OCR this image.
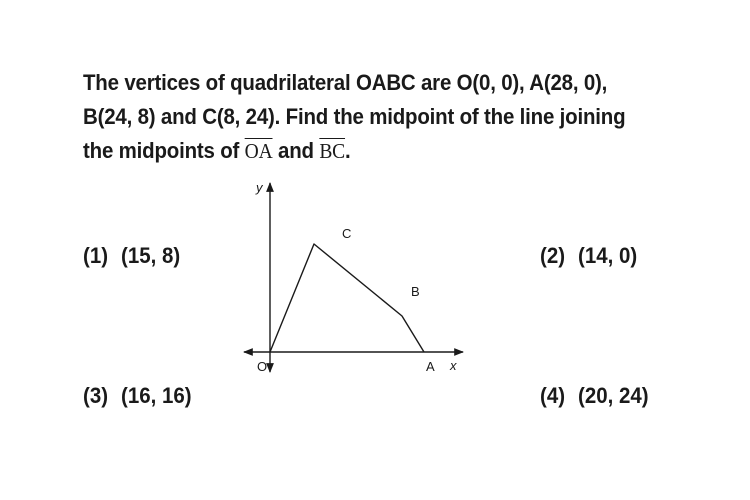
The vertices of quadrilateral OABC are O(0, 0), A(28, 0),
B(24, 8) and C(8, 24). Find the midpoint of the line joining
the midpoints of $\overline{OA}$ and $\overline{BC}$.
(1) (15, 8)	(2) (14, 0)
(3) (16, 16)	(4) (20, 24)
y
x
O	A
B
C
